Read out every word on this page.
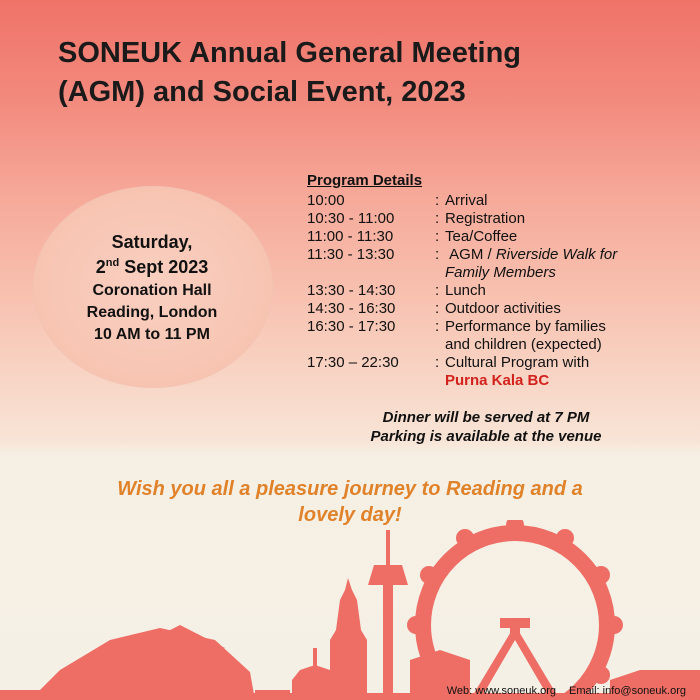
SONEUK Annual General Meeting
(AGM) and Social Event, 2023
Saturday,
2nd Sept 2023
Coronation Hall
Reading, London
10 AM to 11 PM
Program Details
10:00	: Arrival
10:30 - 11:00	: Registration
11:00 - 11:30	: Tea/Coffee
11:30 - 13:30	: AGM / Riverside Walk for
Family Members
13:30 - 14:30	: Lunch
14:30 - 16:30	: Outdoor activities
16:30 - 17:30	: Performance by families
and children (expected)
17:30 – 22:30	: Cultural Program with
Purna Kala BC
Dinner will be served at 7 PM
Parking is available at the venue
Wish you all a pleasure journey to Reading and a
lovely day!
Web: www.soneuk.org Email: info@soneuk.org
